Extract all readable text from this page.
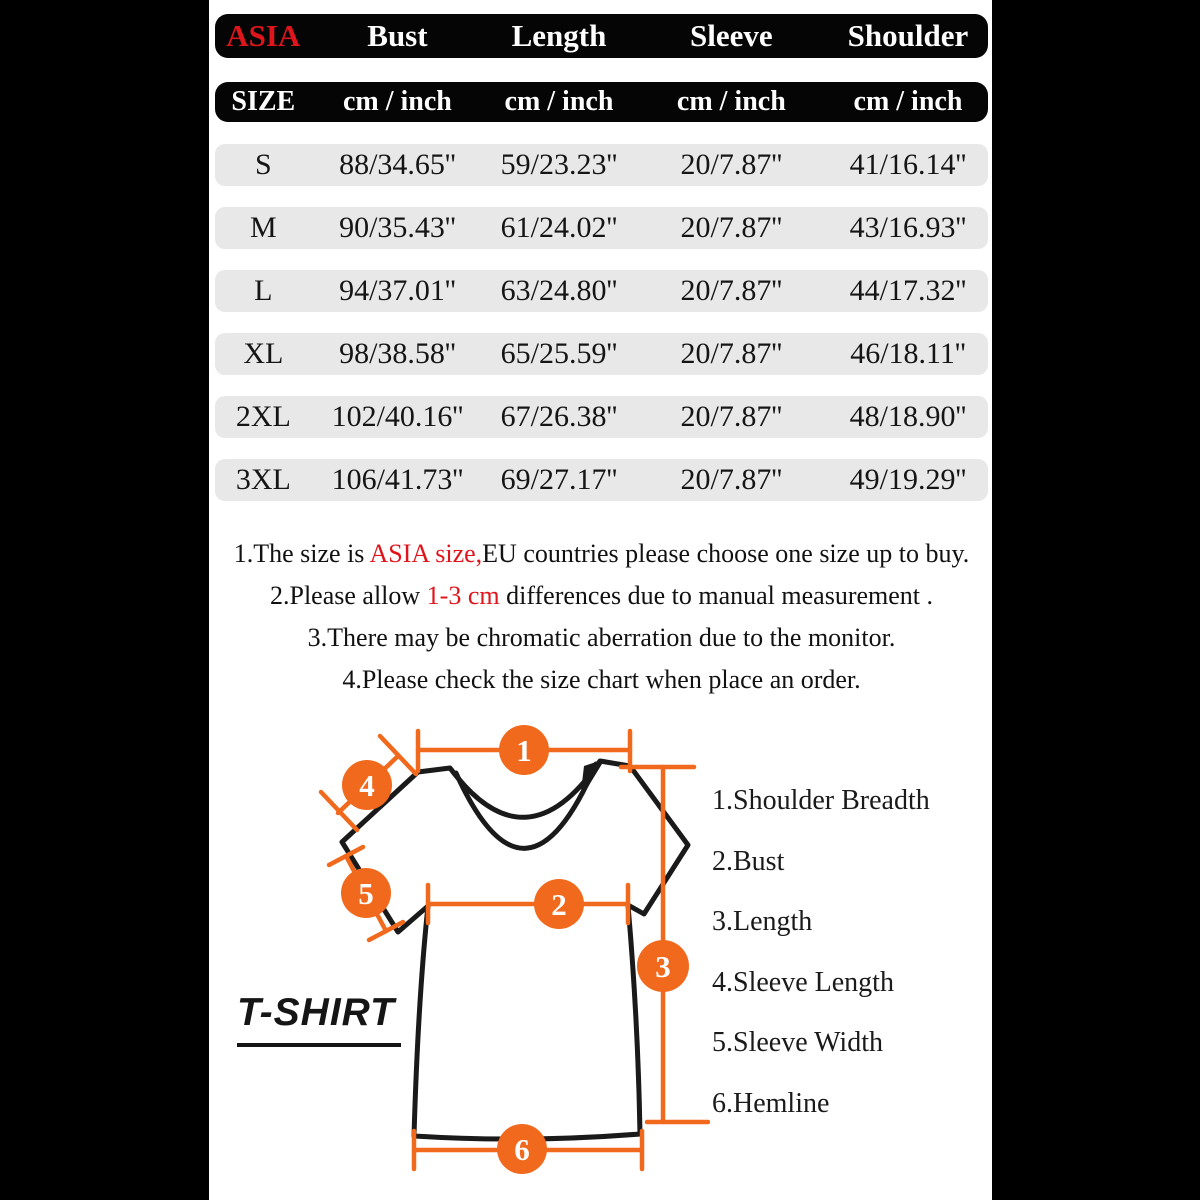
ASIA	Bust	Length	Sleeve	Shoulder
SIZE	cm / inch	cm / inch	cm / inch	cm / inch
S	88/34.65''	59/23.23''	20/7.87''	41/16.14''
M	90/35.43''	61/24.02''	20/7.87''	43/16.93''
L	94/37.01''	63/24.80''	20/7.87''	44/17.32''
XL	98/38.58''	65/25.59''	20/7.87''	46/18.11''
2XL	102/40.16''	67/26.38''	20/7.87''	48/18.90''
3XL	106/41.73''	69/27.17''	20/7.87''	49/19.29''
1.The size is ASIA size,EU countries please choose one size up to buy.
2.Please allow 1-3 cm differences due to manual measurement .
3.There may be chromatic aberration due to the monitor.
4.Please check the size chart when place an order.
1
2
3
4
5
6
T-SHIRT
1.Shoulder Breadth
2.Bust
3.Length
4.Sleeve Length
5.Sleeve Width
6.Hemline
